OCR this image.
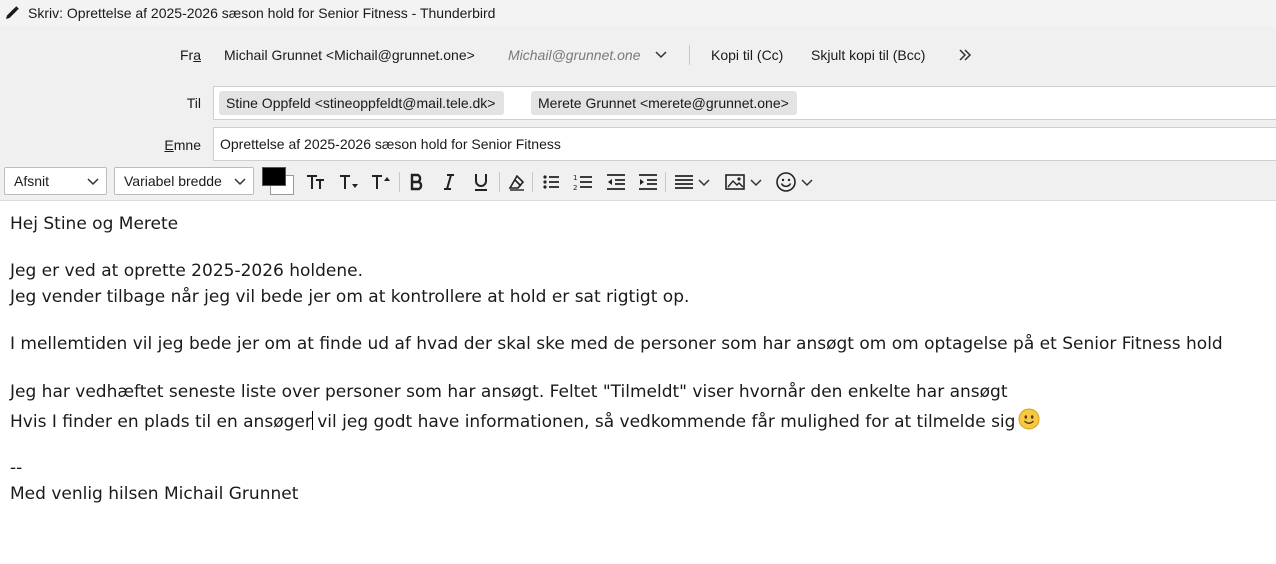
Skriv: Oprettelse af 2025-2026 sæson hold for Senior Fitness - Thunderbird
Fra Michail Grunnet <Michail@grunnet.one> Michail@grunnet.one	Kopi til (Cc) Skjult kopi til (Bcc)
Til	Stine Oppfeld <stineoppfeldt@mail.tele.dk>	Merete Grunnet <merete@grunnet.one>
Emne	Oprettelse af 2025-2026 sæson hold for Senior Fitness
Afsnit	Variabel bredde	1
2

Hej Stine og Merete

Jeg er ved at oprette 2025-2026 holdene.

Jeg vender tilbage når jeg vil bede jer om at kontrollere at hold er sat rigtigt op.

I mellemtiden vil jeg bede jer om at finde ud af hvad der skal ske med de personer som har ansøgt om om optagelse på et Senior Fitness hold

Jeg har vedhæftet seneste liste over personer som har ansøgt. Feltet "Tilmeldt" viser hvornår den enkelte har ansøgt

Hvis I finder en plads til en ansøger vil jeg godt have informationen, så vedkommende får mulighed for at tilmelde sig

--

Med venlig hilsen Michail Grunnet
